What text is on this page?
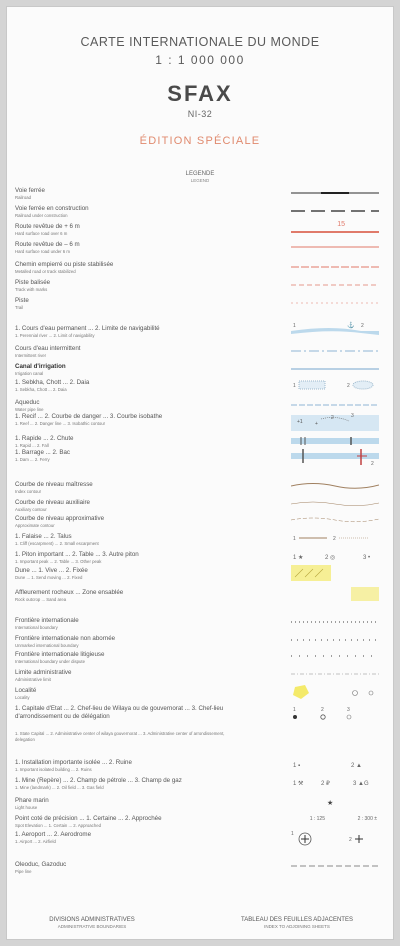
CARTE INTERNATIONALE DU MONDE
1 : 1 000 000
SFAX
NI-32
ÉDITION SPÉCIALE
LEGENDE
LEGEND
Voie ferrée
Railroad
Voie ferrée en construction
Railroad under construction
Route revêtue de + 6 m
Hard surface road over 6 m
15
Route revêtue de – 6 m
Hard surface road under 6 m
Chemin empierré ou piste stabilisée
Metalled road or track stabilized
Piste balisée
Track with marks
Piste
Trail
1. Cours d'eau permanent ... 2. Limite de navigabilité
1. Perennial river ... 2. Limit of navigability
1	⚓ 2
Cours d'eau intermittent
Intermittent river
Canal d'irrigation
Irrigation canal
1. Sebkha, Chott ... 2. Daia
1. Sebkha, Chott ... 2. Daia
1	2
Aqueduc
Water pipe line
1. Recif ... 2. Courbe de danger ... 3. Courbe isobathe
1. Reef ... 2. Danger line ... 3. Isobathic contour	+1 +
3
2
1. Rapide ... 2. Chute
1. Rapid ... 2. Fall
1. Barrage ... 2. Bac
1. Dam ... 2. Ferry
2
Courbe de niveau maîtresse
Index contour
Courbe de niveau auxiliaire
Auxiliary contour
Courbe de niveau approximative
Approximate contour
1. Falaise ... 2. Talus
1. Cliff (escarpment) ... 2. Small escarpment
1	2
1. Piton important ... 2. Table ... 3. Autre piton
1. Important peak ... 2. Table ... 3. Other peak
1 ★	2 ◎	3 •
Dune ... 1. Vive ... 2. Fixée
Dune ... 1. Send moving ... 2. Fixed
Affleurement rocheux ... Zone ensablée
Rock outcrop ... Sand area
Frontière internationale
International boundary
Frontière internationale non abornée
Unmarked international boundary
Frontière internationale litigieuse
International boundary under dispute
Limite administrative
Administrative limit
Localité
Locality
1. Capitale d'Etat ... 2. Chef-lieu de Wilaya ou de gouvernorat ... 3. Chef-lieu d'arrondissement ou de délégation
1. State Capital ... 2. Administrative center of wilaya gouvernorat ... 3. Administrative center of arrondissement, delegation
1	2	3
1. Installation importante isolée ... 2. Ruine
1. Important isolated building ... 2. Ruins
1 ▪	2 ▲
1. Mine (Repère) ... 2. Champ de pétrole ... 3. Champ de gaz
1. Mine (landmark) ... 2. Oil field ... 3. Gas field
1 ⚒	2 ₽	3 ▲G
Phare marin
Light house
★
Point coté de précision ... 1. Certaine ... 2. Approchée
Spot Elevation ... 1. Certain ... 2. Approached
1 : 125	2 : 300 ±
1. Aeroport ... 2. Aerodrome
1. Airport ... 2. Airfield
1
2
Oleoduc, Gazoduc
Pipe line
DIVISIONS ADMINISTRATIVES
ADMINISTRATIVE BOUNDARIES
TABLEAU DES FEUILLES ADJACENTES
INDEX TO ADJOINING SHEETS
